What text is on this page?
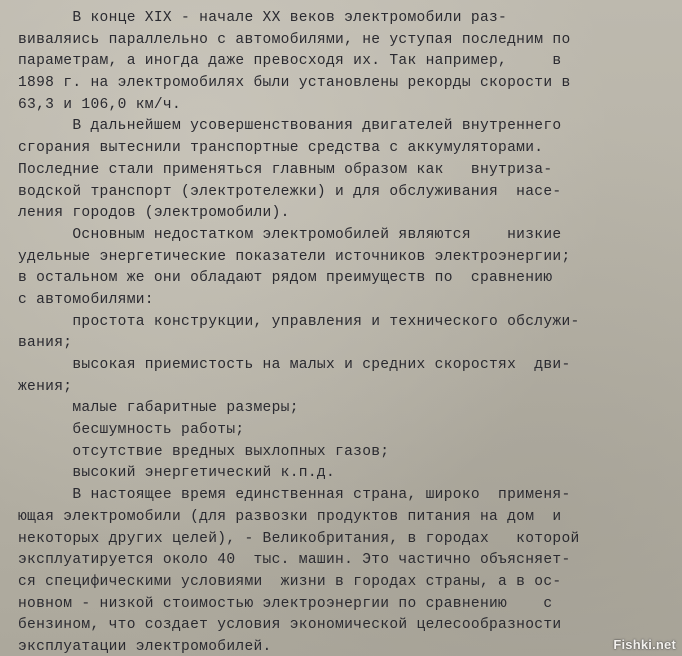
В конце XIX - начале XX веков электромобили раз-
виваляись параллельно с автомобилями, не уступая последним по
параметрам, а иногда даже превосходя их. Так например,     в
1898 г. на электромобилях были установлены рекорды скорости в
63,3 и 106,0 км/ч.
В дальнейшем усовершенствования двигателей внутреннего
сгорания вытеснили транспортные средства с аккумуляторами.
Последние стали применяться главным образом как   внутриза-
водской транспорт (электротележки) и для обслуживания  насе-
ления городов (электромобили).
Основным недостатком электромобилей являются    низкие
удельные энергетические показатели источников электроэнергии;
в остальном же они обладают рядом преимуществ по  сравнению
с автомобилями:
простота конструкции, управления и технического обслужи-
вания;
высокая приемистость на малых и средних скоростях  дви-
жения;
малые габаритные размеры;
бесшумность работы;
отсутствие вредных выхлопных газов;
высокий энергетический к.п.д.
В настоящее время единственная страна, широко  применя-
ющая электромобили (для развозки продуктов питания на дом  и
некоторых других целей), - Великобритания, в городах   которой
эксплуатируется около 40  тыс. машин. Это частично объясняет-
ся специфическими условиями  жизни в городах страны, а в ос-
новном - низкой стоимостью электроэнергии по сравнению    с
бензином, что создает условия экономической целесообразности
эксплуатации электромобилей.	Fishki.net
